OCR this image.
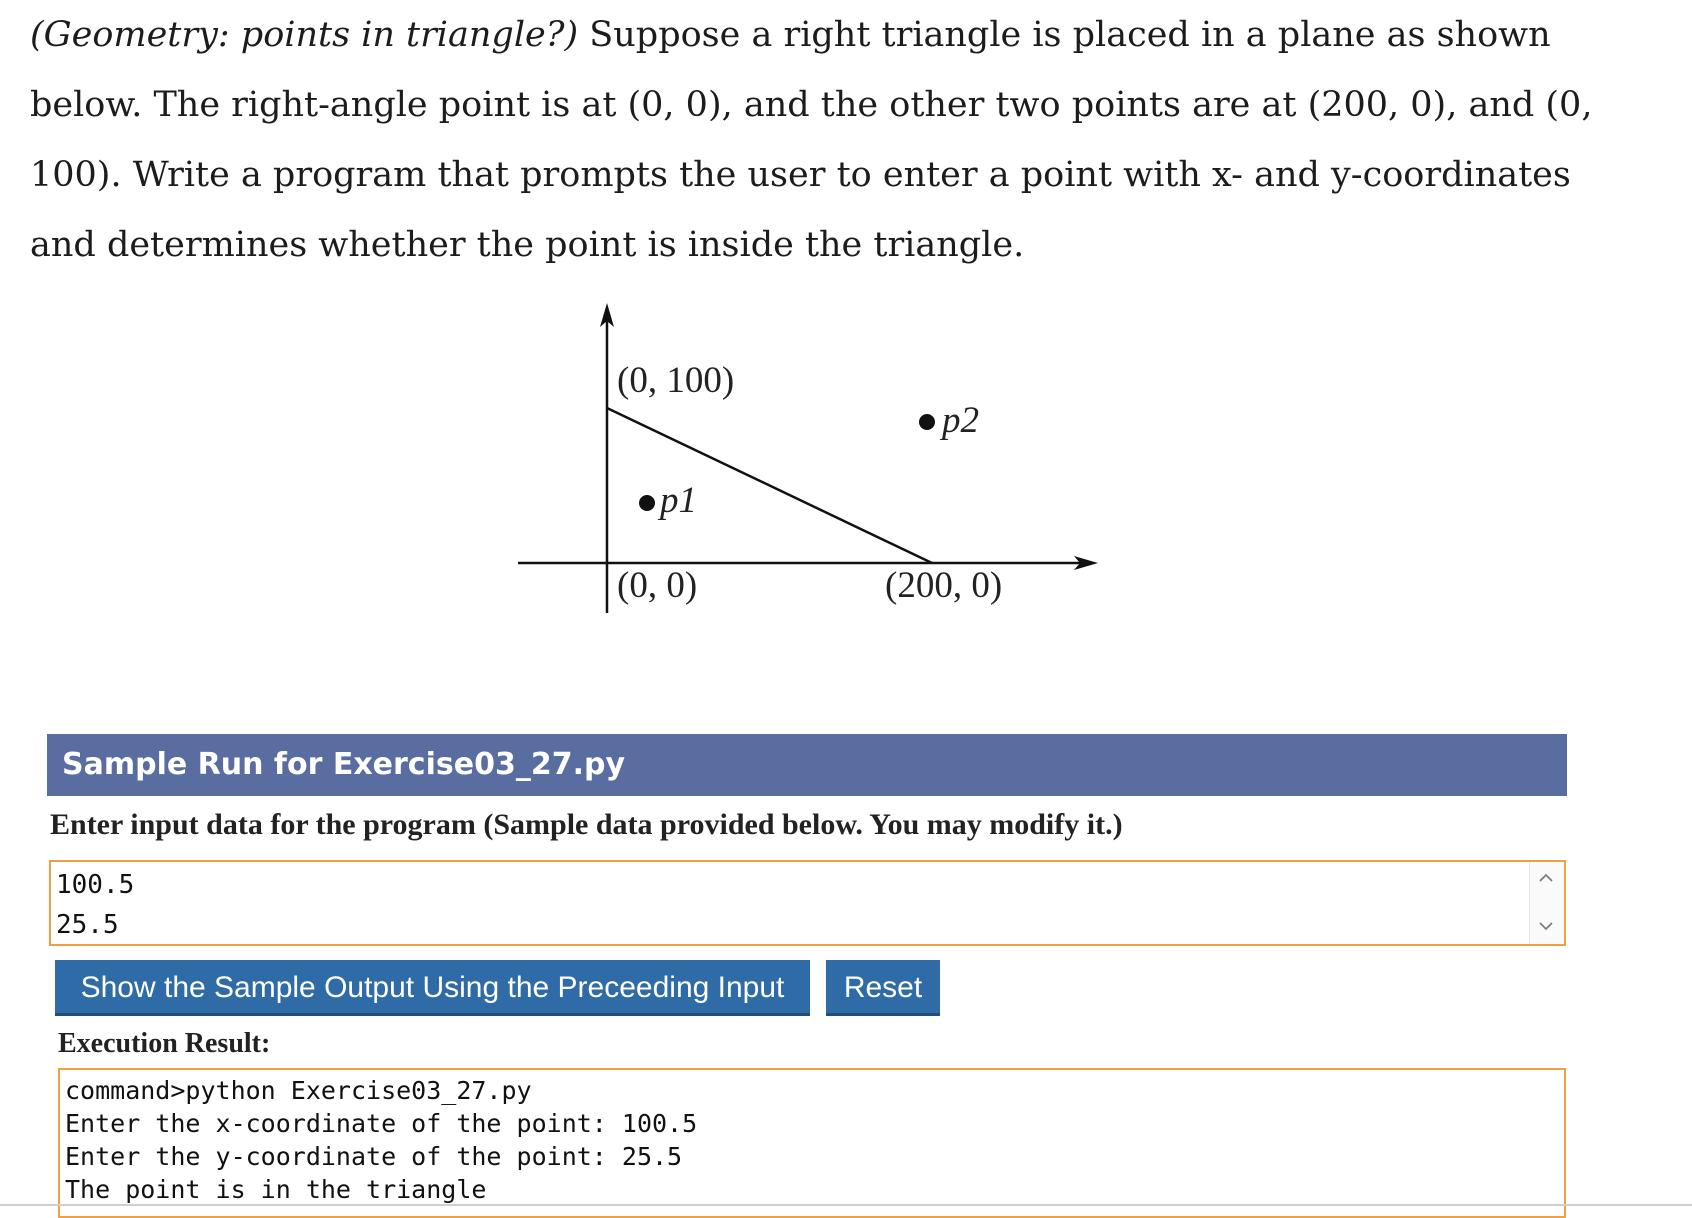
(Geometry: points in triangle?) Suppose a right triangle is placed in a plane as shown
below. The right-angle point is at (0, 0), and the other two points are at (200, 0), and (0,
100). Write a program that prompts the user to enter a point with x- and y-coordinates
and determines whether the point is inside the triangle.
(0, 100)
(0, 0)	(200, 0)
p1
p2
Sample Run for Exercise03_27.py
Enter input data for the program (Sample data provided below. You may modify it.)
100.5
25.5
Show the Sample Output Using the Preceeding Input	Reset
Execution Result:
command>python Exercise03_27.py
Enter the x-coordinate of the point: 100.5
Enter the y-coordinate of the point: 25.5
The point is in the triangle
